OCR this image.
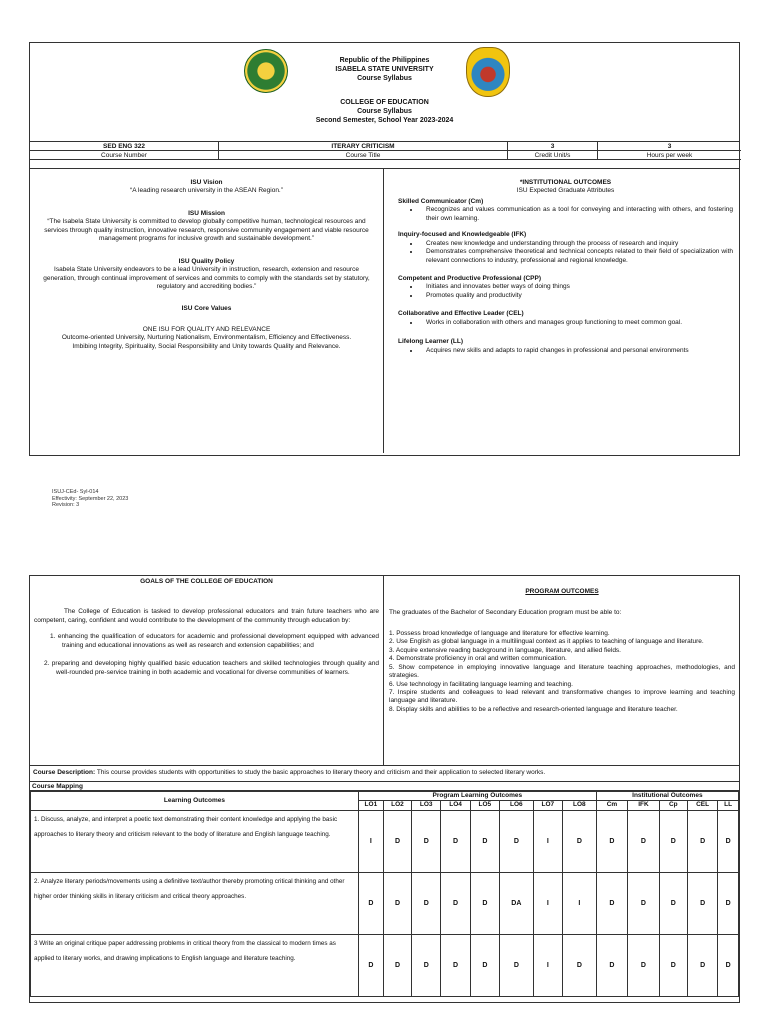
Republic of the Philippines
ISABELA STATE UNIVERSITY
Course Syllabus
COLLEGE OF EDUCATION
Course Syllabus
Second Semester, School Year 2023-2024
SED ENG 322	ITERARY CRITICISM	3	3
Course Number	Course Title	Credit Unit/s	Hours per week
ISU Vision
“A leading research university in the ASEAN Region.”
ISU Mission
“The Isabela State University is committed to develop globally competitive human, technological resources and services through quality instruction, innovative research, responsive community engagement and viable resource management programs for inclusive growth and sustainable development.”
ISU Quality Policy
Isabela State University endeavors to be a lead University in instruction, research, extension and resource generation, through continual improvement of services and commits to comply with the standards set by statutory, regulatory and accrediting bodies.”
ISU Core Values
ONE ISU FOR QUALITY AND RELEVANCE
Outcome-oriented University, Nurturing Nationalism, Environmentalism, Efficiency and Effectiveness.
Imbibing Integrity, Spirituality, Social Responsibility and Unity towards Quality and Relevance.
*INSTITUTIONAL OUTCOMES
ISU Expected Graduate Attributes
Skilled Communicator (Cm)
• Recognizes and values communication as a tool for conveying and interacting with others, and fostering their own learning.
Inquiry-focused and Knowledgeable (IFK)
• Creates new knowledge and understanding through the process of research and inquiry
• Demonstrates comprehensive theoretical and technical concepts related to their field of specialization with relevant connections to industry, professional and regional knowledge.
Competent and Productive Professional (CPP)
• Initiates and innovates better ways of doing things
• Promotes quality and productivity
Collaborative and Effective Leader (CEL)
• Works in collaboration with others and manages group functioning to meet common goal.
Lifelong Learner (LL)
• Acquires new skills and adapts to rapid changes in professional and personal environments
ISUJ-CEd- Syl-014
Effectivity: September 22, 2023
Revision: 3
GOALS OF THE COLLEGE OF EDUCATION

The College of Education is tasked to develop professional educators and train future teachers who are competent, caring, confident and would contribute to the development of the community through education by:

1. enhancing the qualification of educators for academic and professional development equipped with advanced training and educational innovations as well as research and extension capabilities; and
2. preparing and developing highly qualified basic education teachers and skilled technologies through quality and well-rounded pre-service training in both academic and vocational for diverse communities of learners.
PROGRAM OUTCOMES
The graduates of the Bachelor of Secondary Education program must be able to:
1. Possess broad knowledge of language and literature for effective learning.
2. Use English as global language in a multilingual context as it applies to teaching of language and literature.
3. Acquire extensive reading background in language, literature, and allied fields.
4. Demonstrate proficiency in oral and written communication.
5. Show competence in employing innovative language and literature teaching approaches, methodologies, and strategies.
6. Use technology in facilitating language learning and teaching.
7. Inspire students and colleagues to lead relevant and transformative changes to improve learning and teaching language and literature.
8. Display skills and abilities to be a reflective and research-oriented language and literature teacher.
Course Description: This course provides students with opportunities to study the basic approaches to literary theory and criticism and their application to selected literary works.
Course Mapping
Learning Outcomes	Program Learning Outcomes								Institutional Outcomes				
	LO1	LO2	LO3	LO4	LO5	LO6	LO7	LO8	Cm	IFK	Cp	CEL	LL
1. Discuss, analyze, and interpret a poetic text demonstrating their content knowledge and applying the basic approaches to literary theory and criticism relevant to the body of literature and English language teaching.	I	D	D	D	D	D	I	D	D	D	D	D	D
2. Analyze literary periods/movements using a definitive text/author thereby promoting critical thinking and other higher order thinking skills in literary criticism and critical theory approaches.	D	D	D	D	D	DA	I	I	D	D	D	D	D
3 Write an original critique paper addressing problems in critical theory from the classical to modern times as applied to literary works, and drawing implications to English language and literature teaching.	D	D	D	D	D	D	I	D	D	D	D	D	D
